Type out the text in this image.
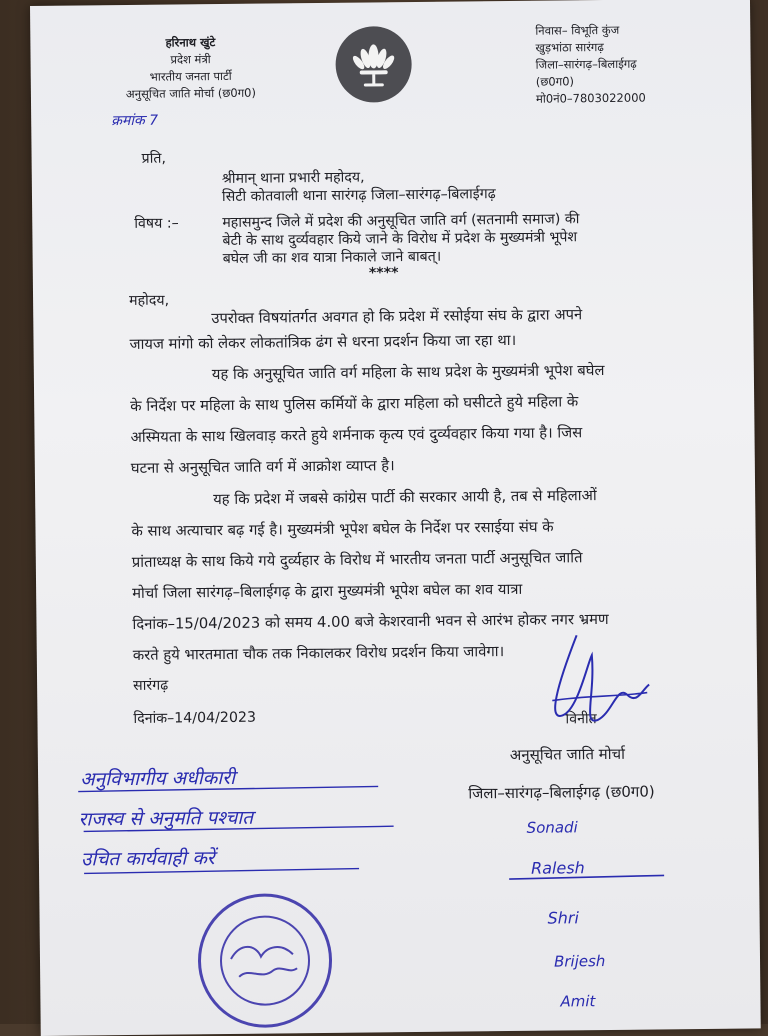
हरिनाथ खुंटे
प्रदेश मंत्री
भारतीय जनता पार्टी
अनुसूचित जाति मोर्चा (छ0ग0)
निवास– विभूति कुंज
खुड़भांठा सारंगढ़
जिला–सारंगढ़–बिलाईगढ़
(छ0ग0)
मो0नं0–7803022000
क्रमांक 7
प्रति,
श्रीमान् थाना प्रभारी महोदय,
सिटी कोतवाली थाना सारंगढ़ जिला–सारंगढ़–बिलाईगढ़
विषय :–	महासमुन्द जिले में प्रदेश की अनुसूचित जाति वर्ग (सतनामी समाज) की
बेटी के साथ दुर्व्यवहार किये जाने के विरोध में प्रदेश के मुख्यमंत्री भूपेश
बघेल जी का शव यात्रा निकाले जाने बाबत्।
****
महोदय,
उपरोक्त विषयांतर्गत अवगत हो कि प्रदेश में रसोईया संघ के द्वारा अपने
जायज मांगो को लेकर लोकतांत्रिक ढंग से धरना प्रदर्शन किया जा रहा था।
यह कि अनुसूचित जाति वर्ग महिला के साथ प्रदेश के मुख्यमंत्री भूपेश बघेल
के निर्देश पर महिला के साथ पुलिस कर्मियों के द्वारा महिला को घसीटते हुये महिला के
अस्मियता के साथ खिलवाड़ करते हुये शर्मनाक कृत्य एवं दुर्व्यवहार किया गया है। जिस
घटना से अनुसूचित जाति वर्ग में आक्रोश व्याप्त है।
यह कि प्रदेश में जबसे कांग्रेस पार्टी की सरकार आयी है, तब से महिलाओं
के साथ अत्याचार बढ़ गई है। मुख्यमंत्री भूपेश बघेल के निर्देश पर रसाईया संघ के
प्रांताध्यक्ष के साथ किये गये दुर्व्यहार के विरोध में भारतीय जनता पार्टी अनुसूचित जाति
मोर्चा जिला सारंगढ़–बिलाईगढ़ के द्वारा मुख्यमंत्री भूपेश बघेल का शव यात्रा
दिनांक–15/04/2023 को समय 4.00 बजे केशरवानी भवन से आरंभ होकर नगर भ्रमण
करते हुये भारतमाता चौक तक निकालकर विरोध प्रदर्शन किया जावेगा।
सारंगढ़
दिनांक–14/04/2023	विनीत
अनुसूचित जाति मोर्चा
जिला–सारंगढ़–बिलाईगढ़ (छ0ग0)
अनुविभागीय अधीकारी
राजस्व से अनुमति पश्चात
उचित कार्यवाही करें
Sonadi
Ralesh
Shri
Brijesh
Amit
